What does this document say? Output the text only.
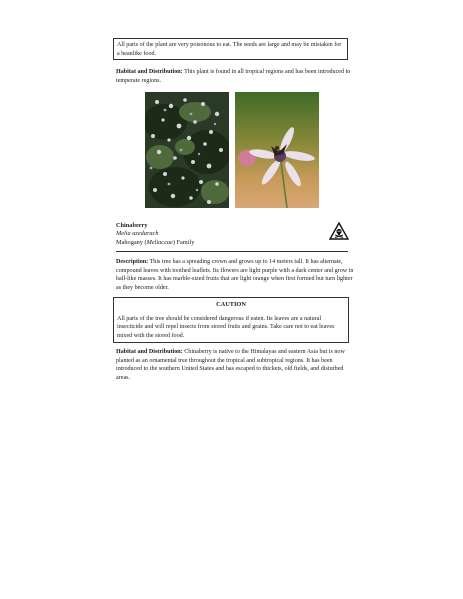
All parts of the plant are very poisonous to eat. The seeds are large and may be mistaken for a beanlike food.
Habitat and Distribution: This plant is found in all tropical regions and has been introduced to temperate regions.
Chinaberry
Melia azedarach
Mahogany (Meliaceae) Family
Description: This tree has a spreading crown and grows up to 14 meters tall. It has alternate, compound leaves with toothed leaflets. Its flowers are light purple with a dark center and grow in ball-like masses. It has marble-sized fruits that are light orange when first formed but turn lighter as they become older.
CAUTION
All parts of the tree should be considered dangerous if eaten. Its leaves are a natural insecticide and will repel insects from stored fruits and grains. Take care not to eat leaves mixed with the stored food.
Habitat and Distribution: Chinaberry is native to the Himalayas and eastern Asia but is now planted as an ornamental tree throughout the tropical and subtropical regions. It has been introduced to the southern United States and has escaped to thickets, old fields, and disturbed areas.
